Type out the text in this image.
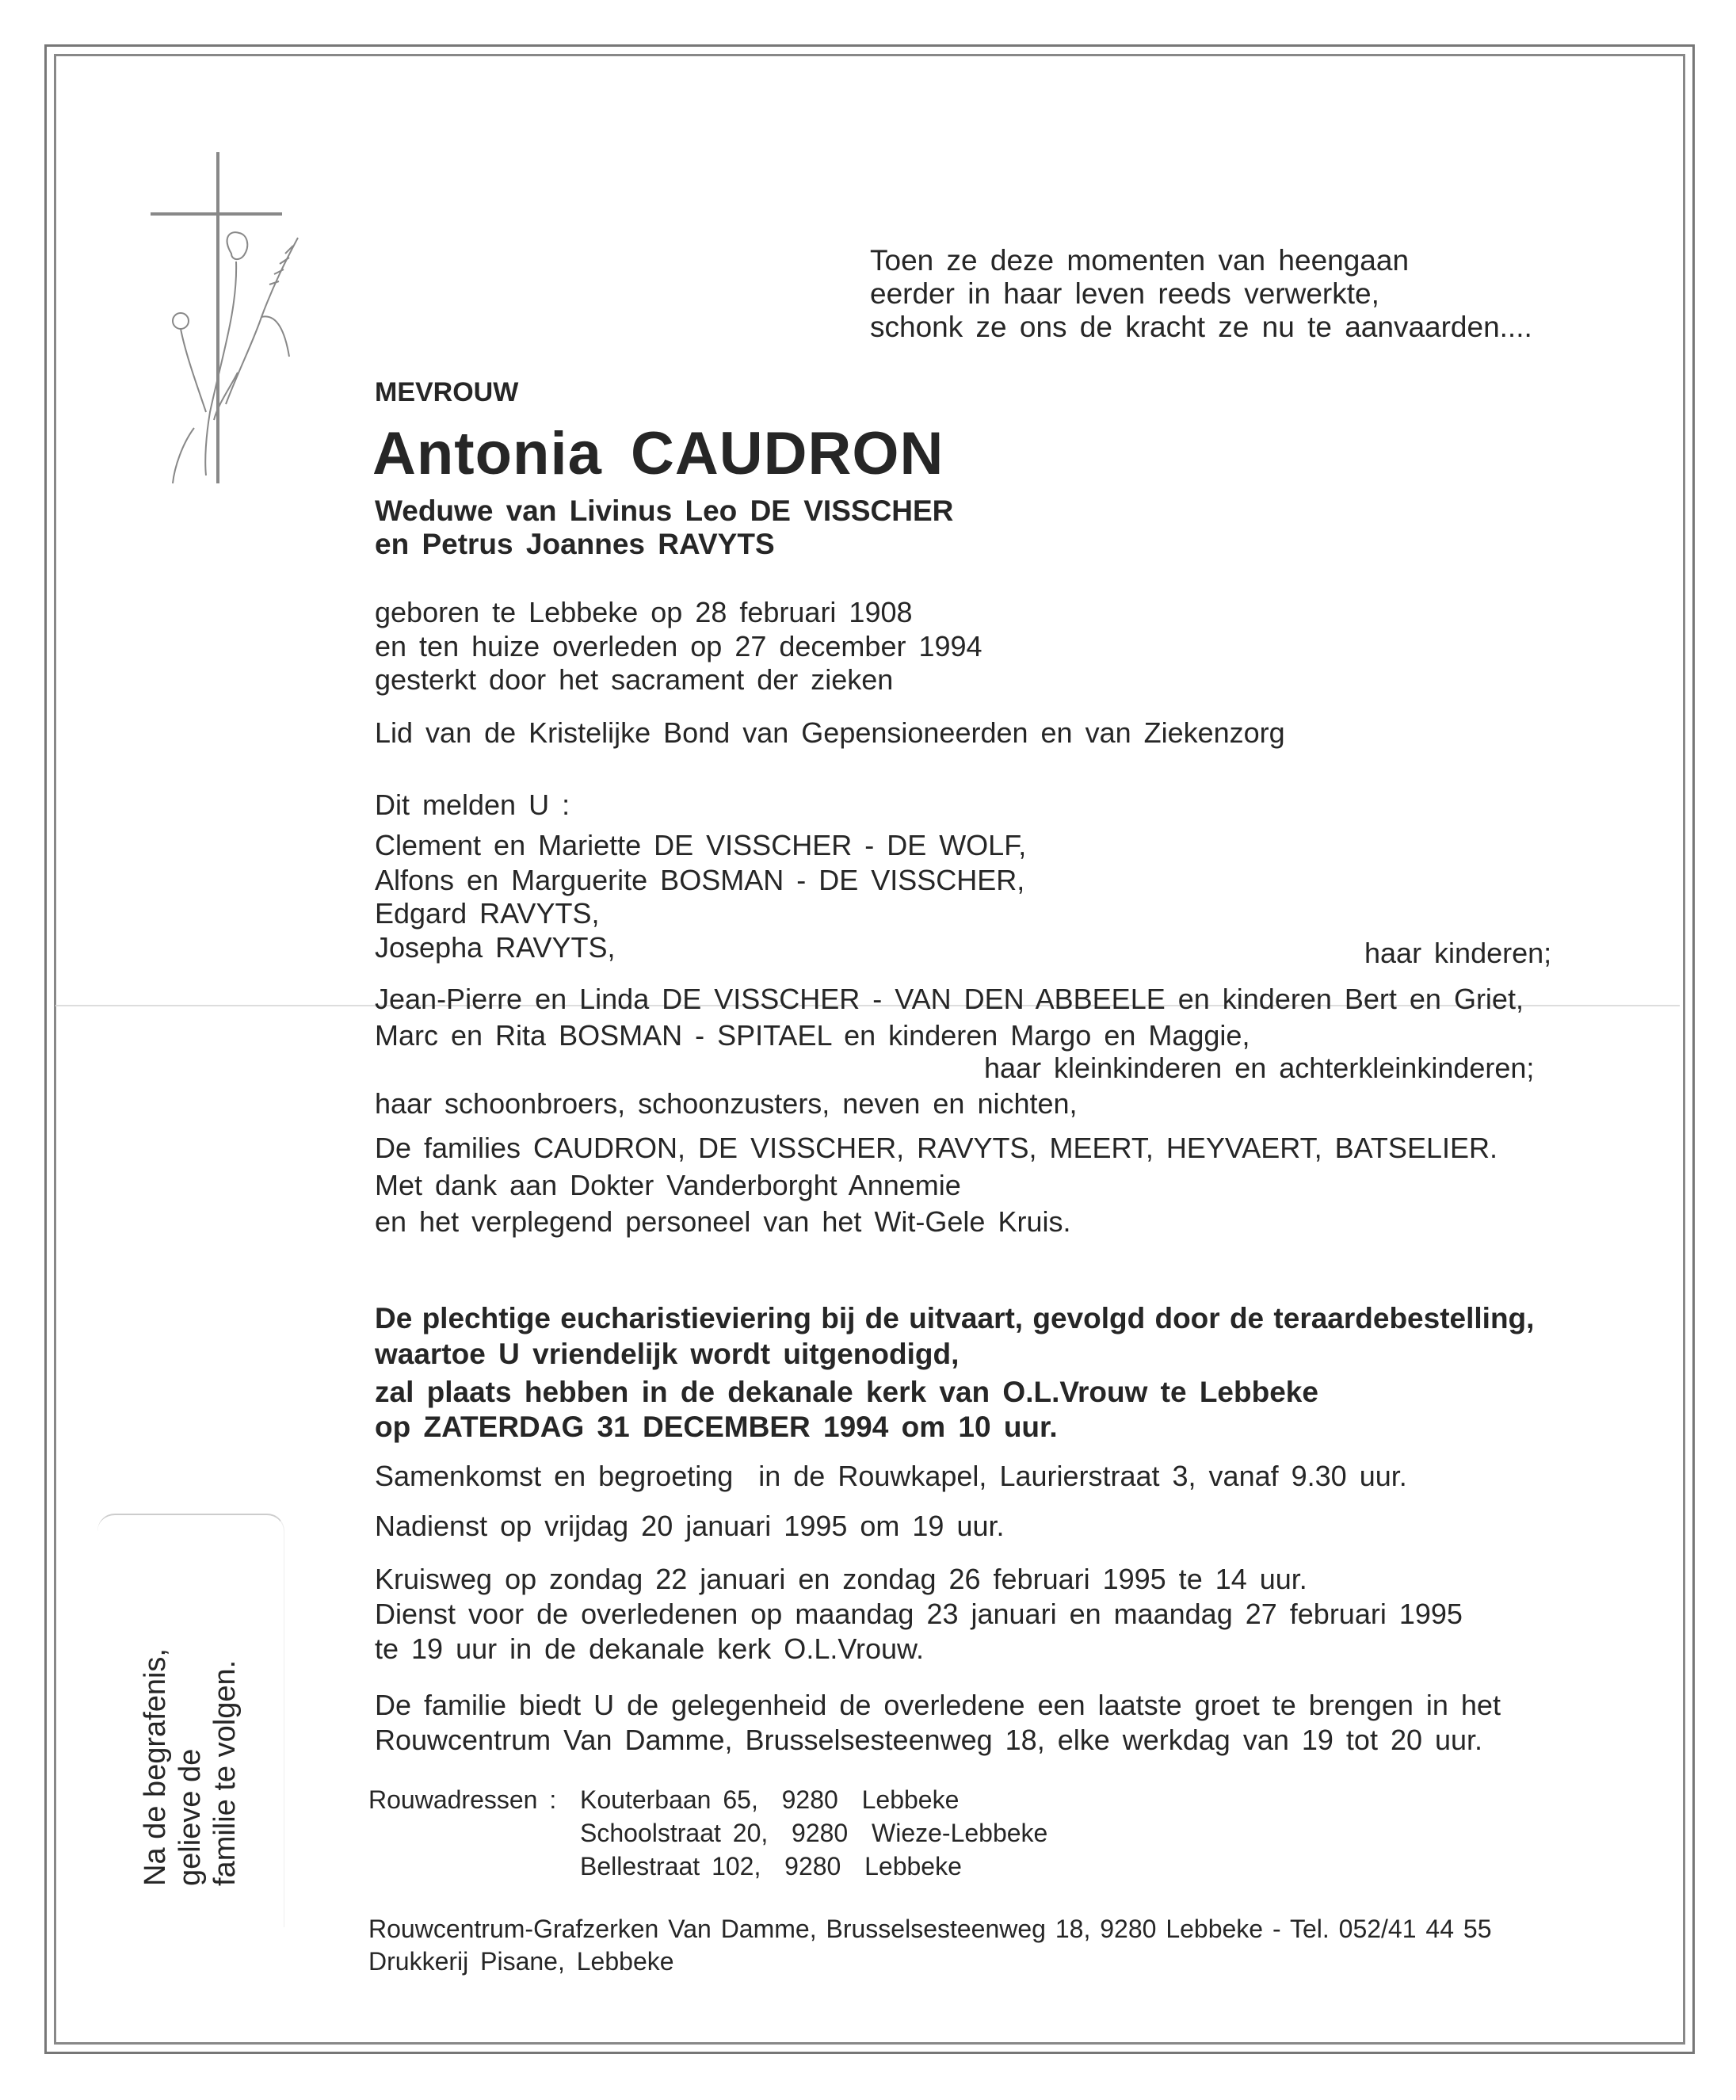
Toen ze deze momenten van heengaan
eerder in haar leven reeds verwerkte,
schonk ze ons de kracht ze nu te aanvaarden....
MEVROUW
Antonia CAUDRON
Weduwe van Livinus Leo DE VISSCHER
en Petrus Joannes RAVYTS
geboren te Lebbeke op 28 februari 1908
en ten huize overleden op 27 december 1994
gesterkt door het sacrament der zieken
Lid van de Kristelijke Bond van Gepensioneerden en van Ziekenzorg
Dit melden U :
Clement en Mariette DE VISSCHER - DE WOLF,
Alfons en Marguerite BOSMAN - DE VISSCHER,
Edgard RAVYTS,
Josepha RAVYTS,	haar kinderen;
Jean-Pierre en Linda DE VISSCHER - VAN DEN ABBEELE en kinderen Bert en Griet,
Marc en Rita BOSMAN - SPITAEL en kinderen Margo en Maggie,
haar kleinkinderen en achterkleinkinderen;
haar schoonbroers, schoonzusters, neven en nichten,
De families CAUDRON, DE VISSCHER, RAVYTS, MEERT, HEYVAERT, BATSELIER.
Met dank aan Dokter Vanderborght Annemie
en het verplegend personeel van het Wit-Gele Kruis.
De plechtige eucharistieviering bij de uitvaart, gevolgd door de teraardebestelling,
waartoe U vriendelijk wordt uitgenodigd,
zal plaats hebben in de dekanale kerk van O.L.Vrouw te Lebbeke
op ZATERDAG 31 DECEMBER 1994 om 10 uur.
Samenkomst en begroeting  in de Rouwkapel, Laurierstraat 3, vanaf 9.30 uur.
Nadienst op vrijdag 20 januari 1995 om 19 uur.
Kruisweg op zondag 22 januari en zondag 26 februari 1995 te 14 uur.
Dienst voor de overledenen op maandag 23 januari en maandag 27 februari 1995
te 19 uur in de dekanale kerk O.L.Vrouw.
De familie biedt U de gelegenheid de overledene een laatste groet te brengen in het
Rouwcentrum Van Damme, Brusselsesteenweg 18, elke werkdag van 19 tot 20 uur.
Rouwadressen : Kouterbaan 65,  9280  Lebbeke
Schoolstraat 20,  9280  Wieze-Lebbeke
Bellestraat 102,  9280  Lebbeke
Rouwcentrum-Grafzerken Van Damme, Brusselsesteenweg 18, 9280 Lebbeke - Tel. 052/41 44 55
Drukkerij Pisane, Lebbeke
Na de begrafenis,
gelieve de
familie te volgen.
